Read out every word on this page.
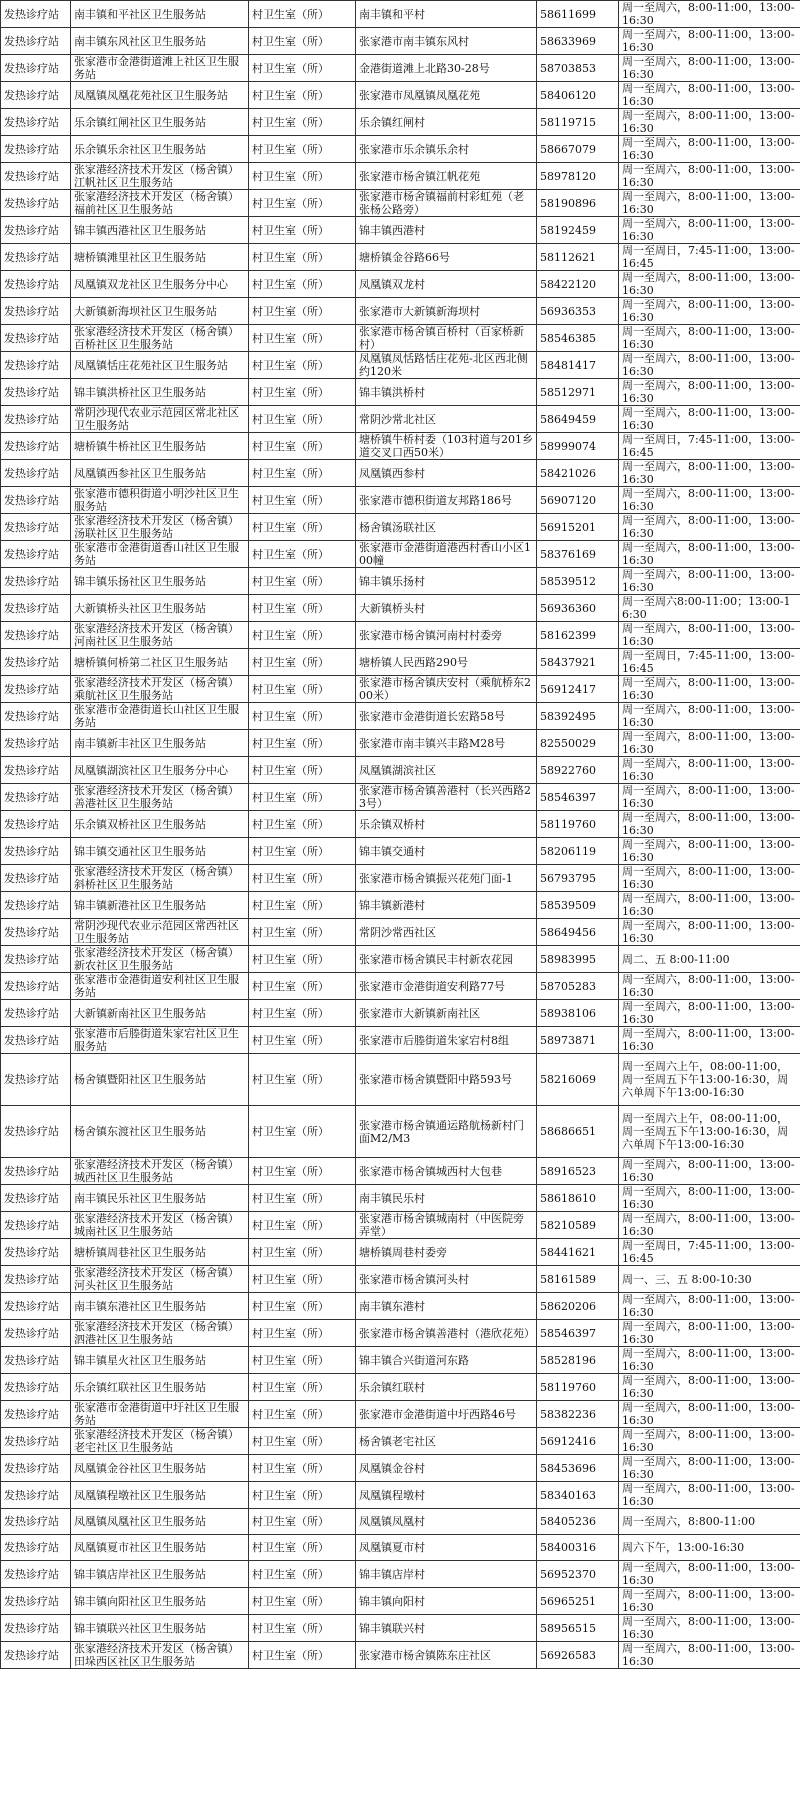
发热诊疗站	南丰镇和平社区卫生服务站	村卫生室（所）	南丰镇和平村	58611699	周一至周六，8:00-11:00，13:00-16:30
发热诊疗站	南丰镇东风社区卫生服务站	村卫生室（所）	张家港市南丰镇东风村	58633969	周一至周六，8:00-11:00，13:00-16:30
发热诊疗站	张家港市金港街道滩上社区卫生服务站	村卫生室（所）	金港街道滩上北路30-28号	58703853	周一至周六，8:00-11:00，13:00-16:30
发热诊疗站	凤凰镇凤凰花苑社区卫生服务站	村卫生室（所）	张家港市凤凰镇凤凰花苑	58406120	周一至周六，8:00-11:00，13:00-16:30
发热诊疗站	乐余镇红闸社区卫生服务站	村卫生室（所）	乐余镇红闸村	58119715	周一至周六，8:00-11:00，13:00-16:30
发热诊疗站	乐余镇乐余社区卫生服务站	村卫生室（所）	张家港市乐余镇乐余村	58667079	周一至周六，8:00-11:00，13:00-16:30
发热诊疗站	张家港经济技术开发区（杨舍镇）江帆社区卫生服务站	村卫生室（所）	张家港市杨舍镇江帆花苑	58978120	周一至周六，8:00-11:00，13:00-16:30
发热诊疗站	张家港经济技术开发区（杨舍镇）福前社区卫生服务站	村卫生室（所）	张家港市杨舍镇福前村彩虹苑（老张杨公路旁）	58190896	周一至周六，8:00-11:00，13:00-16:30
发热诊疗站	锦丰镇西港社区卫生服务站	村卫生室（所）	锦丰镇西港村	58192459	周一至周六，8:00-11:00，13:00-16:30
发热诊疗站	塘桥镇滩里社区卫生服务站	村卫生室（所）	塘桥镇金谷路66号	58112621	周一至周日，7:45-11:00，13:00-16:45
发热诊疗站	凤凰镇双龙社区卫生服务分中心	村卫生室（所）	凤凰镇双龙村	58422120	周一至周六，8:00-11:00，13:00-16:30
发热诊疗站	大新镇新海坝社区卫生服务站	村卫生室（所）	张家港市大新镇新海坝村	56936353	周一至周六，8:00-11:00，13:00-16:30
发热诊疗站	张家港经济技术开发区（杨舍镇）百桥社区卫生服务站	村卫生室（所）	张家港市杨舍镇百桥村（百家桥新村）	58546385	周一至周六，8:00-11:00，13:00-16:30
发热诊疗站	凤凰镇恬庄花苑社区卫生服务站	村卫生室（所）	凤凰镇凤恬路恬庄花苑-北区西北侧约120米	58481417	周一至周六，8:00-11:00，13:00-16:30
发热诊疗站	锦丰镇洪桥社区卫生服务站	村卫生室（所）	锦丰镇洪桥村	58512971	周一至周六，8:00-11:00，13:00-16:30
发热诊疗站	常阴沙现代农业示范园区常北社区卫生服务站	村卫生室（所）	常阴沙常北社区	58649459	周一至周六，8:00-11:00，13:00-16:30
发热诊疗站	塘桥镇牛桥社区卫生服务站	村卫生室（所）	塘桥镇牛桥村委（103村道与201乡道交叉口西50米）	58999074	周一至周日，7:45-11:00，13:00-16:45
发热诊疗站	凤凰镇西参社区卫生服务站	村卫生室（所）	凤凰镇西参村	58421026	周一至周六，8:00-11:00，13:00-16:30
发热诊疗站	张家港市德积街道小明沙社区卫生服务站	村卫生室（所）	张家港市德积街道友邦路186号	56907120	周一至周六，8:00-11:00，13:00-16:30
发热诊疗站	张家港经济技术开发区（杨舍镇）汤联社区卫生服务站	村卫生室（所）	杨舍镇汤联社区	56915201	周一至周六，8:00-11:00，13:00-16:30
发热诊疗站	张家港市金港街道香山社区卫生服务站	村卫生室（所）	张家港市金港街道港西村香山小区100幢	58376169	周一至周六，8:00-11:00，13:00-16:30
发热诊疗站	锦丰镇乐扬社区卫生服务站	村卫生室（所）	锦丰镇乐扬村	58539512	周一至周六，8:00-11:00，13:00-16:30
发热诊疗站	大新镇桥头社区卫生服务站	村卫生室（所）	大新镇桥头村	56936360	周一至周六8:00-11:00；13:00-16:30
发热诊疗站	张家港经济技术开发区（杨舍镇）河南社区卫生服务站	村卫生室（所）	张家港市杨舍镇河南村村委旁	58162399	周一至周六，8:00-11:00，13:00-16:30
发热诊疗站	塘桥镇何桥第二社区卫生服务站	村卫生室（所）	塘桥镇人民西路290号	58437921	周一至周日，7:45-11:00，13:00-16:45
发热诊疗站	张家港经济技术开发区（杨舍镇）乘航社区卫生服务站	村卫生室（所）	张家港市杨舍镇庆安村（乘航桥东200米）	56912417	周一至周六，8:00-11:00，13:00-16:30
发热诊疗站	张家港市金港街道长山社区卫生服务站	村卫生室（所）	张家港市金港街道长宏路58号	58392495	周一至周六，8:00-11:00，13:00-16:30
发热诊疗站	南丰镇新丰社区卫生服务站	村卫生室（所）	张家港市南丰镇兴丰路M28号	82550029	周一至周六，8:00-11:00，13:00-16:30
发热诊疗站	凤凰镇湖滨社区卫生服务分中心	村卫生室（所）	凤凰镇湖滨社区	58922760	周一至周六，8:00-11:00，13:00-16:30
发热诊疗站	张家港经济技术开发区（杨舍镇）善港社区卫生服务站	村卫生室（所）	张家港市杨舍镇善港村（长兴西路23号）	58546397	周一至周六，8:00-11:00，13:00-16:30
发热诊疗站	乐余镇双桥社区卫生服务站	村卫生室（所）	乐余镇双桥村	58119760	周一至周六，8:00-11:00，13:00-16:30
发热诊疗站	锦丰镇交通社区卫生服务站	村卫生室（所）	锦丰镇交通村	58206119	周一至周六，8:00-11:00，13:00-16:30
发热诊疗站	张家港经济技术开发区（杨舍镇）斜桥社区卫生服务站	村卫生室（所）	张家港市杨舍镇振兴花苑门面-1	56793795	周一至周六，8:00-11:00，13:00-16:30
发热诊疗站	锦丰镇新港社区卫生服务站	村卫生室（所）	锦丰镇新港村	58539509	周一至周六，8:00-11:00，13:00-16:30
发热诊疗站	常阴沙现代农业示范园区常西社区卫生服务站	村卫生室（所）	常阴沙常西社区	58649456	周一至周六，8:00-11:00，13:00-16:30
发热诊疗站	张家港经济技术开发区（杨舍镇）新农社区卫生服务站	村卫生室（所）	张家港市杨舍镇民丰村新农花园	58983995	周二、五 8:00-11:00
发热诊疗站	张家港市金港街道安利社区卫生服务站	村卫生室（所）	张家港市金港街道安利路77号	58705283	周一至周六，8:00-11:00，13:00-16:30
发热诊疗站	大新镇新南社区卫生服务站	村卫生室（所）	张家港市大新镇新南社区	58938106	周一至周六，8:00-11:00，13:00-16:30
发热诊疗站	张家港市后塍街道朱家宕社区卫生服务站	村卫生室（所）	张家港市后塍街道朱家宕村8组	58973871	周一至周六，8:00-11:00，13:00-16:30
发热诊疗站	杨舍镇暨阳社区卫生服务站	村卫生室（所）	张家港市杨舍镇暨阳中路593号	58216069	周一至周六上午，08:00-11:00，周一至周五下午13:00-16:30，周六单周下午13:00-16:30
发热诊疗站	杨舍镇东渡社区卫生服务站	村卫生室（所）	张家港市杨舍镇通运路航杨新村门面M2/M3	58686651	周一至周六上午，08:00-11:00，周一至周五下午13:00-16:30，周六单周下午13:00-16:30
发热诊疗站	张家港经济技术开发区（杨舍镇）城西社区卫生服务站	村卫生室（所）	张家港市杨舍镇城西村大包巷	58916523	周一至周六，8:00-11:00，13:00-16:30
发热诊疗站	南丰镇民乐社区卫生服务站	村卫生室（所）	南丰镇民乐村	58618610	周一至周六，8:00-11:00，13:00-16:30
发热诊疗站	张家港经济技术开发区（杨舍镇）城南社区卫生服务站	村卫生室（所）	张家港市杨舍镇城南村（中医院旁弄堂）	58210589	周一至周六，8:00-11:00，13:00-16:30
发热诊疗站	塘桥镇周巷社区卫生服务站	村卫生室（所）	塘桥镇周巷村委旁	58441621	周一至周日，7:45-11:00，13:00-16:45
发热诊疗站	张家港经济技术开发区（杨舍镇）河头社区卫生服务站	村卫生室（所）	张家港市杨舍镇河头村	58161589	周一、三、五 8:00-10:30
发热诊疗站	南丰镇东港社区卫生服务站	村卫生室（所）	南丰镇东港村	58620206	周一至周六，8:00-11:00，13:00-16:30
发热诊疗站	张家港经济技术开发区（杨舍镇）泗港社区卫生服务站	村卫生室（所）	张家港市杨舍镇善港村（港欣花苑）	58546397	周一至周六，8:00-11:00，13:00-16:30
发热诊疗站	锦丰镇星火社区卫生服务站	村卫生室（所）	锦丰镇合兴街道河东路	58528196	周一至周六，8:00-11:00，13:00-16:30
发热诊疗站	乐余镇红联社区卫生服务站	村卫生室（所）	乐余镇红联村	58119760	周一至周六，8:00-11:00，13:00-16:30
发热诊疗站	张家港市金港街道中圩社区卫生服务站	村卫生室（所）	张家港市金港街道中圩西路46号	58382236	周一至周六，8:00-11:00，13:00-16:30
发热诊疗站	张家港经济技术开发区（杨舍镇）老宅社区卫生服务站	村卫生室（所）	杨舍镇老宅社区	56912416	周一至周六，8:00-11:00，13:00-16:30
发热诊疗站	凤凰镇金谷社区卫生服务站	村卫生室（所）	凤凰镇金谷村	58453696	周一至周六，8:00-11:00，13:00-16:30
发热诊疗站	凤凰镇程墩社区卫生服务站	村卫生室（所）	凤凰镇程墩村	58340163	周一至周六，8:00-11:00，13:00-16:30
发热诊疗站	凤凰镇凤凰社区卫生服务站	村卫生室（所）	凤凰镇凤凰村	58405236	周一至周六，8:800-11:00
发热诊疗站	凤凰镇夏市社区卫生服务站	村卫生室（所）	凤凰镇夏市村	58400316	周六下午，13:00-16:30
发热诊疗站	锦丰镇店岸社区卫生服务站	村卫生室（所）	锦丰镇店岸村	56952370	周一至周六，8:00-11:00，13:00-16:30
发热诊疗站	锦丰镇向阳社区卫生服务站	村卫生室（所）	锦丰镇向阳村	56965251	周一至周六，8:00-11:00，13:00-16:30
发热诊疗站	锦丰镇联兴社区卫生服务站	村卫生室（所）	锦丰镇联兴村	58956515	周一至周六，8:00-11:00，13:00-16:30
发热诊疗站	张家港经济技术开发区（杨舍镇）田垛西区社区卫生服务站	村卫生室（所）	张家港市杨舍镇陈东庄社区	56926583	周一至周六，8:00-11:00，13:00-16:30
